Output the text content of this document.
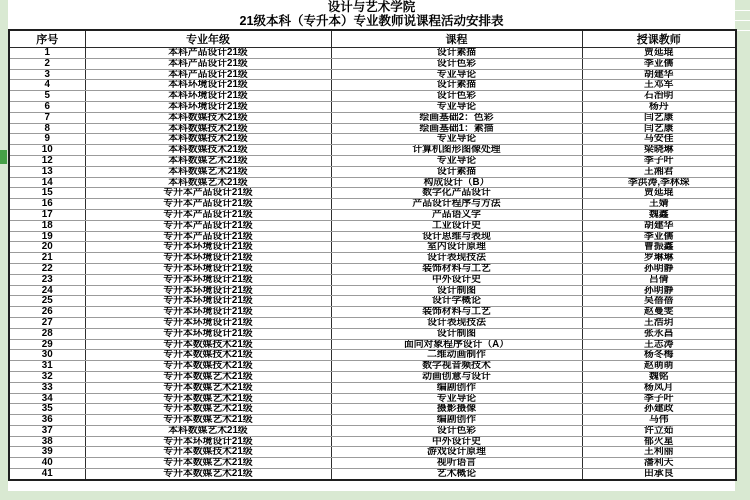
设计与艺术学院
21级本科（专升本）专业教师说课程活动安排表
序号	专业年级	课程	授课教师
1	本科产品设计21级	设计素描	贾延琨
2	本科产品设计21级	设计色彩	李亚儒
3	本科产品设计21级	专业导论	胡建华
4	本科环境设计21级	设计素描	王邓军
5	本科环境设计21级	设计色彩	石治明
6	本科环境设计21级	专业导论	杨丹
7	本科数媒技术21级	绘画基础2：色彩	闫艺康
8	本科数媒技术21级	绘画基础1：素描	闫艺康
9	本科数媒技术21级	专业导论	马安佳
10	本科数媒技术21级	计算机图形图像处理	梁晓琳
12	本科数媒艺术21级	专业导论	李子叶
13	本科数媒艺术21级	设计素描	王湘君
14	本科数媒艺术21级	构成设计（B）	李洪涛,李林琛
15	专升本产品设计21级	数字化产品设计	贾延琨
16	专升本产品设计21级	产品设计程序与方法	王婧
17	专升本产品设计21级	产品语义学	魏鑫
18	专升本产品设计21级	工业设计史	胡建华
19	专升本产品设计21级	设计思维与表现	李亚儒
20	专升本环境设计21级	室内设计原理	曹振鑫
21	专升本环境设计21级	设计表现技法	罗琳琳
22	专升本环境设计21级	装饰材料与工艺	孙明静
23	专升本环境设计21级	中外设计史	吕倩
24	专升本环境设计21级	设计制图	孙明静
25	专升本环境设计21级	设计学概论	吴蓓蓓
26	专升本环境设计21级	装饰材料与工艺	赵曼雯
27	专升本环境设计21级	设计表现技法	王浩玥
28	专升本环境设计21级	设计制图	张永昌
29	专升本数媒技术21级	面向对象程序设计（A）	王志涛
30	专升本数媒技术21级	二维动画制作	杨冬梅
31	专升本数媒技术21级	数字视音频技术	赵萌萌
32	专升本数媒艺术21级	动画创意与设计	魏铭
33	专升本数媒艺术21级	编剧创作	杨凤月
34	专升本数媒艺术21级	专业导论	李子叶
35	专升本数媒艺术21级	摄影摄像	孙建政
36	专升本数媒艺术21级	编剧创作	马伟
37	本科数媒艺术21级	设计色彩	许立茹
38	专升本环境设计21级	中外设计史	郁火星
39	专升本数媒技术21级	游戏设计原理	王利丽
40	专升本数媒艺术21级	视听语言	潘利天
41	专升本数媒艺术21级	艺术概论	田承良
